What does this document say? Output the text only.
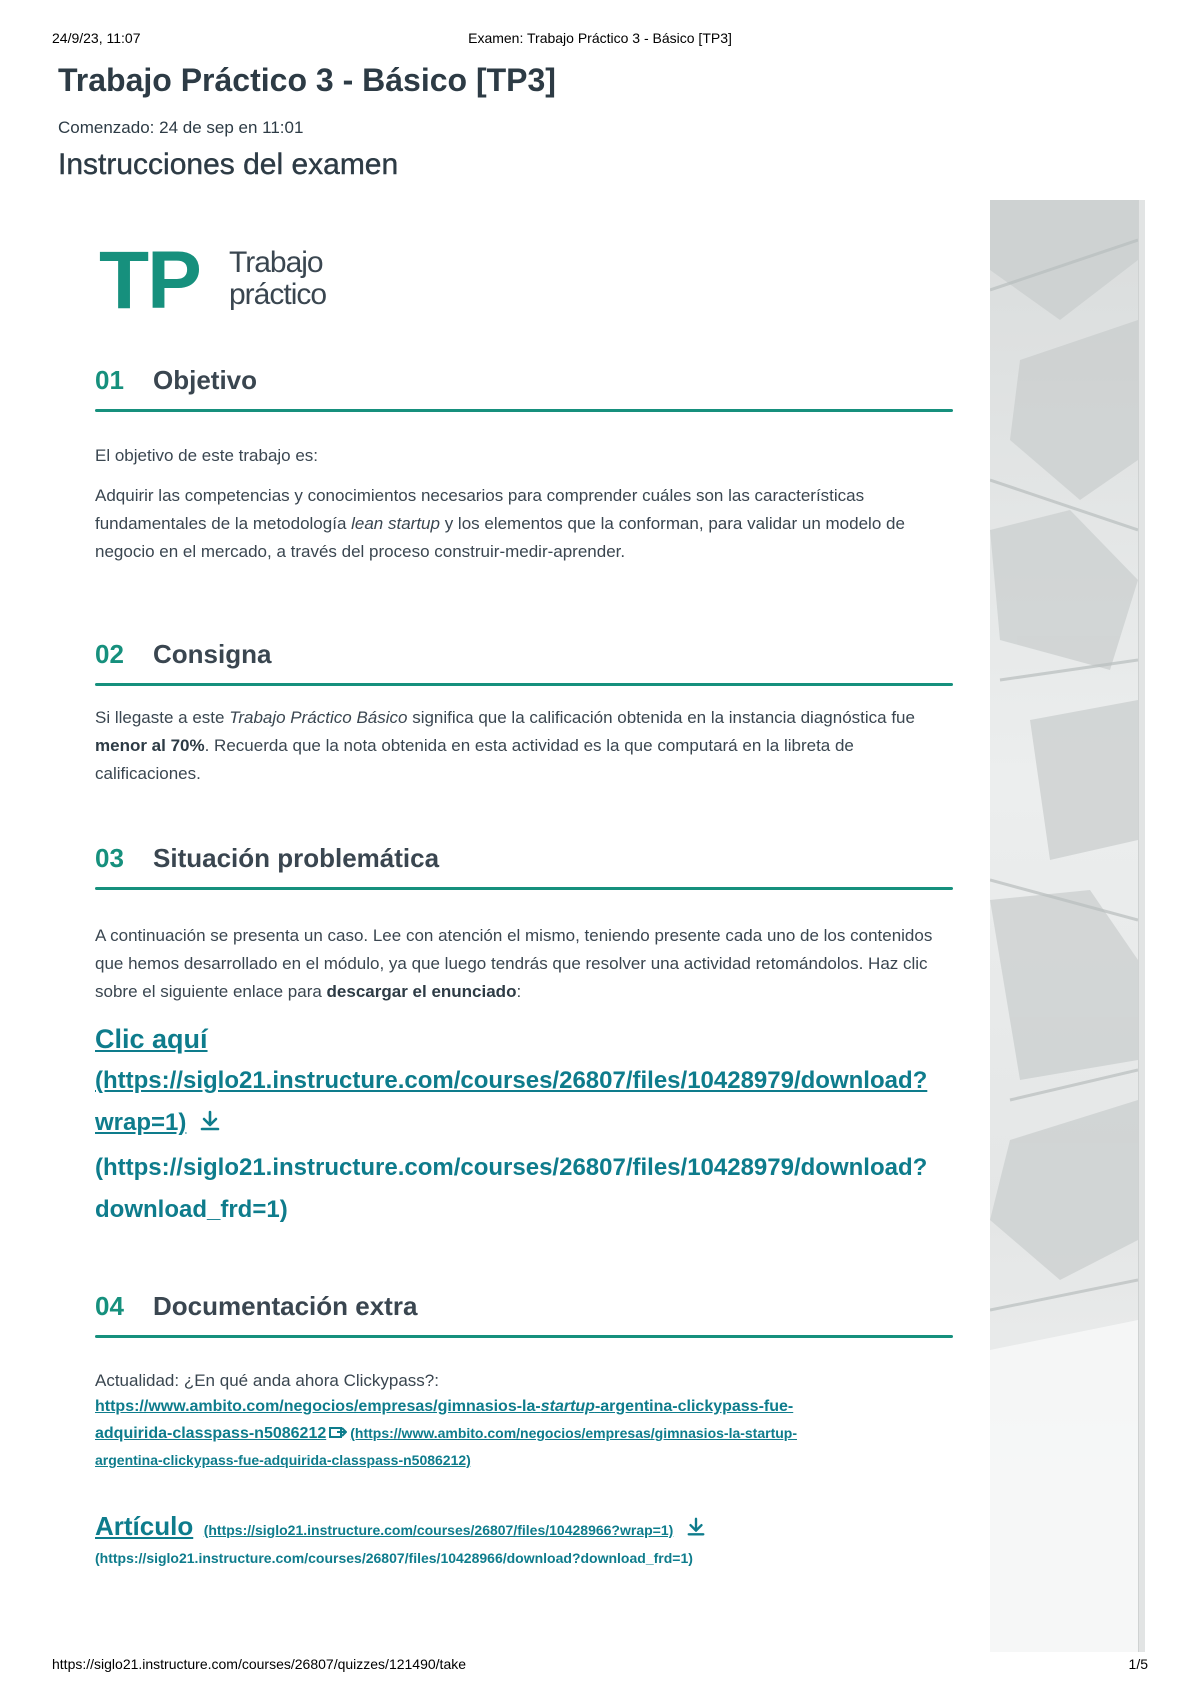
24/9/23, 11:07	Examen: Trabajo Práctico 3 - Básico [TP3]
Trabajo Práctico 3 - Básico [TP3]
Comenzado: 24 de sep en 11:01
Instrucciones del examen
TP Trabajo
práctico
01 Objetivo

El objetivo de este trabajo es:

Adquirir las competencias y conocimientos necesarios para comprender cuáles son las características fundamentales de la metodología lean startup y los elementos que la conforman, para validar un modelo de negocio en el mercado, a través del proceso construir-medir-aprender.

02 Consigna

Si llegaste a este Trabajo Práctico Básico significa que la calificación obtenida en la instancia diagnóstica fue menor al 70%. Recuerda que la nota obtenida en esta actividad es la que computará en la libreta de calificaciones.

03 Situación problemática

A continuación se presenta un caso. Lee con atención el mismo, teniendo presente cada uno de los contenidos que hemos desarrollado en el módulo, ya que luego tendrás que resolver una actividad retomándolos. Haz clic sobre el siguiente enlace para descargar el enunciado:

Clic aquí
(https://siglo21.instructure.com/courses/26807/files/10428979/download?
wrap=1)
(https://siglo21.instructure.com/courses/26807/files/10428979/download?
download_frd=1)
04 Documentación extra

Actualidad: ¿En qué anda ahora Clickypass?:

https://www.ambito.com/negocios/empresas/gimnasios-la-startup-argentina-clickypass-fue-
adquirida-classpass-n5086212 (https://www.ambito.com/negocios/empresas/gimnasios-la-startup-
argentina-clickypass-fue-adquirida-classpass-n5086212)
Artículo (https://siglo21.instructure.com/courses/26807/files/10428966?wrap=1)
(https://siglo21.instructure.com/courses/26807/files/10428966/download?download_frd=1)
https://siglo21.instructure.com/courses/26807/quizzes/121490/take	1/5
